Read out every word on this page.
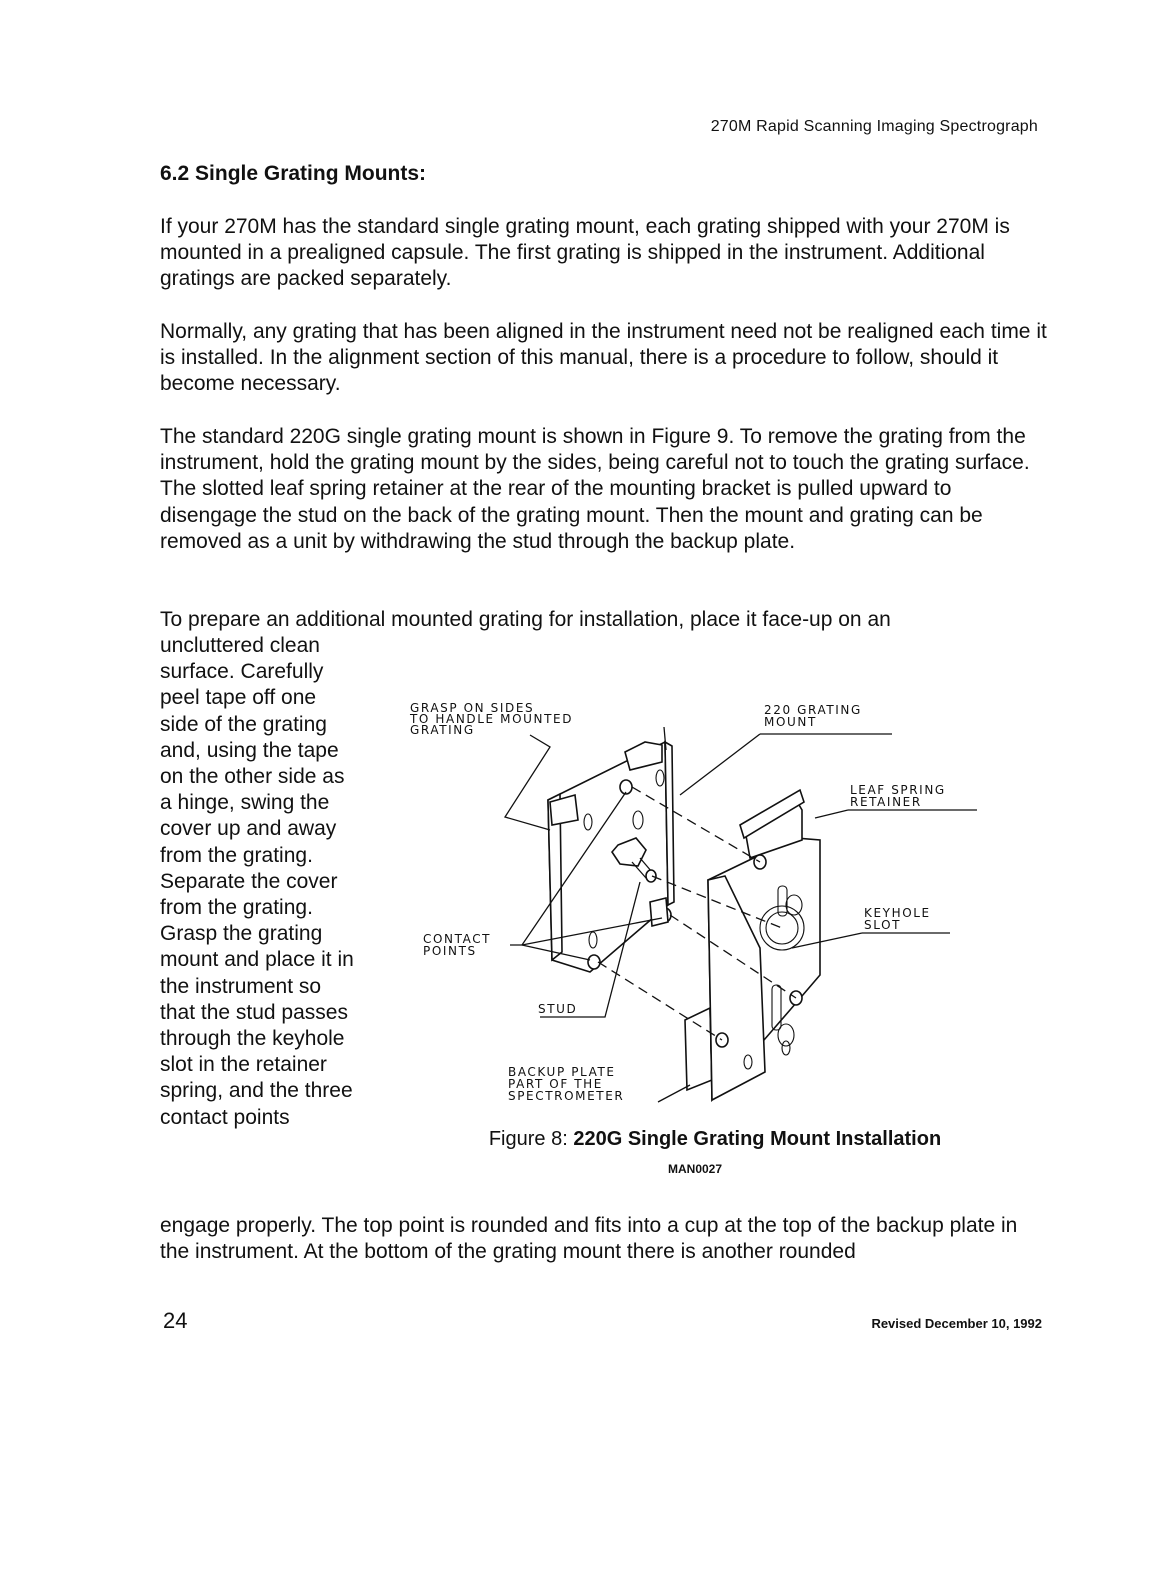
270M Rapid Scanning Imaging Spectrograph
6.2 Single Grating Mounts:

If your 270M has the standard single grating mount, each grating shipped with your 270M is mounted in a prealigned capsule. The first grating is shipped in the instrument. Additional gratings are packed separately.

Normally, any grating that has been aligned in the instrument need not be realigned each time it is installed. In the alignment section of this manual, there is a procedure to follow, should it become necessary.

The standard 220G single grating mount is shown in Figure 9. To remove the grating from the instrument, hold the grating mount by the sides, being careful not to touch the grating surface. The slotted leaf spring retainer at the rear of the mounting bracket is pulled upward to disengage the stud on the back of the grating mount. Then the mount and grating can be removed as a unit by withdrawing the stud through the backup plate.

To prepare an additional mounted grating for installation, place it face-up on an

uncluttered clean surface. Carefully peel tape off one side of the grating and, using the tape on the other side as a hinge, swing the cover up and away from the grating. Separate the cover from the grating. Grasp the grating mount and place it in the instrument so that the stud passes through the keyhole slot in the retainer spring, and the three contact points

engage properly. The top point is rounded and fits into a cup at the top of the backup plate in the instrument. At the bottom of the grating mount there is another rounded

GRASP ON SIDES
TO HANDLE MOUNTED
GRATING
220 GRATING
MOUNT
LEAF SPRING
RETAINER
KEYHOLE
SLOT
CONTACT
POINTS
STUD
BACKUP PLATE
PART OF THE
SPECTROMETER
Figure 8: 220G Single Grating Mount Installation
MAN0027
24	Revised December 10, 1992
